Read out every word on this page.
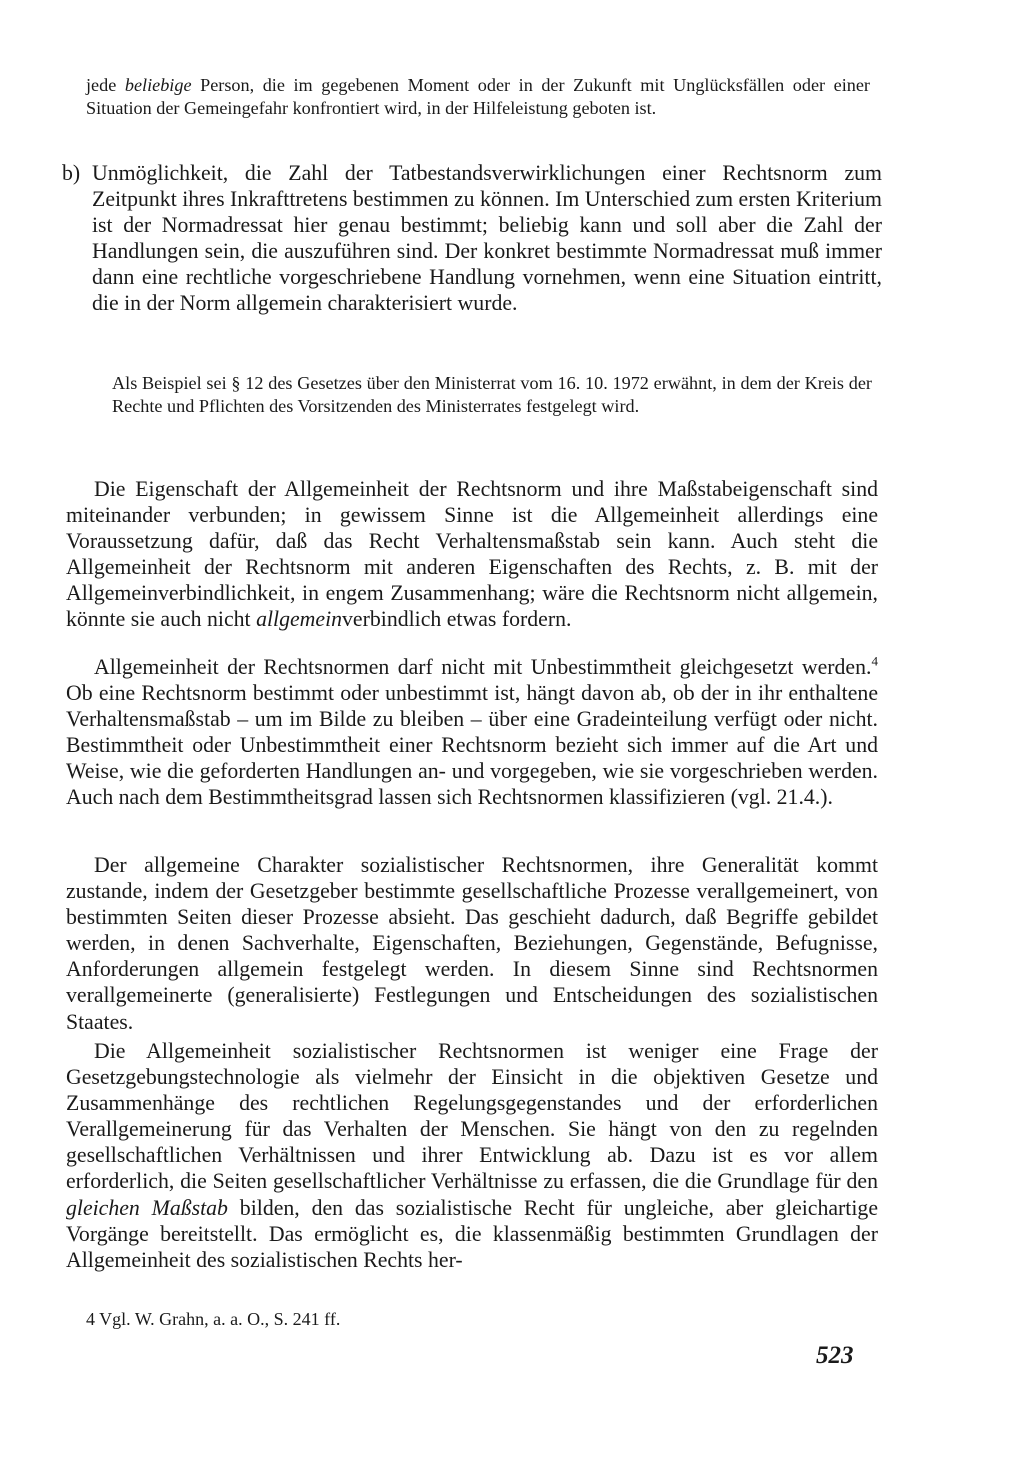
jede beliebige Person, die im gegebenen Moment oder in der Zukunft mit Unglücksfällen oder einer Situation der Gemeingefahr konfrontiert wird, in der Hilfeleistung geboten ist.

b) Unmöglichkeit, die Zahl der Tatbestandsverwirklichungen einer Rechtsnorm zum Zeitpunkt ihres Inkrafttretens bestimmen zu können. Im Unterschied zum ersten Kriterium ist der Normadressat hier genau bestimmt; beliebig kann und soll aber die Zahl der Handlungen sein, die auszuführen sind. Der konkret bestimmte Normadressat muß immer dann eine rechtliche vorgeschriebene Handlung vornehmen, wenn eine Situation eintritt, die in der Norm allgemein charakterisiert wurde.

Als Beispiel sei § 12 des Gesetzes über den Ministerrat vom 16. 10. 1972 erwähnt, in dem der Kreis der Rechte und Pflichten des Vorsitzenden des Ministerrates festgelegt wird.

Die Eigenschaft der Allgemeinheit der Rechtsnorm und ihre Maßstabeigenschaft sind miteinander verbunden; in gewissem Sinne ist die Allgemeinheit allerdings eine Voraussetzung dafür, daß das Recht Verhaltensmaßstab sein kann. Auch steht die Allgemeinheit der Rechtsnorm mit anderen Eigenschaften des Rechts, z. B. mit der Allgemeinverbindlichkeit, in engem Zusammenhang; wäre die Rechtsnorm nicht allgemein, könnte sie auch nicht allgemeinverbindlich etwas fordern.

Allgemeinheit der Rechtsnormen darf nicht mit Unbestimmtheit gleichgesetzt werden.$^4$ Ob eine Rechtsnorm bestimmt oder unbestimmt ist, hängt davon ab, ob der in ihr enthaltene Verhaltensmaßstab – um im Bilde zu bleiben – über eine Gradeinteilung verfügt oder nicht. Bestimmtheit oder Unbestimmtheit einer Rechtsnorm bezieht sich immer auf die Art und Weise, wie die geforderten Handlungen an- und vorgegeben, wie sie vorgeschrieben werden. Auch nach dem Bestimmtheitsgrad lassen sich Rechtsnormen klassifizieren (vgl. 21.4.).

Der allgemeine Charakter sozialistischer Rechtsnormen, ihre Generalität kommt zustande, indem der Gesetzgeber bestimmte gesellschaftliche Prozesse verallgemeinert, von bestimmten Seiten dieser Prozesse absieht. Das geschieht dadurch, daß Begriffe gebildet werden, in denen Sachverhalte, Eigenschaften, Beziehungen, Gegenstände, Befugnisse, Anforderungen allgemein festgelegt werden. In diesem Sinne sind Rechtsnormen verallgemeinerte (generalisierte) Festlegungen und Entscheidungen des sozialistischen Staates.

Die Allgemeinheit sozialistischer Rechtsnormen ist weniger eine Frage der Gesetzgebungstechnologie als vielmehr der Einsicht in die objektiven Gesetze und Zusammenhänge des rechtlichen Regelungsgegenstandes und der erforderlichen Verallgemeinerung für das Verhalten der Menschen. Sie hängt von den zu regelnden gesellschaftlichen Verhältnissen und ihrer Entwicklung ab. Dazu ist es vor allem erforderlich, die Seiten gesellschaftlicher Verhältnisse zu erfassen, die die Grundlage für den gleichen Maßstab bilden, den das sozialistische Recht für ungleiche, aber gleichartige Vorgänge bereitstellt. Das ermöglicht es, die klassenmäßig bestimmten Grundlagen der Allgemeinheit des sozialistischen Rechts her-

4 Vgl. W. Grahn, a. a. O., S. 241 ff.
523
